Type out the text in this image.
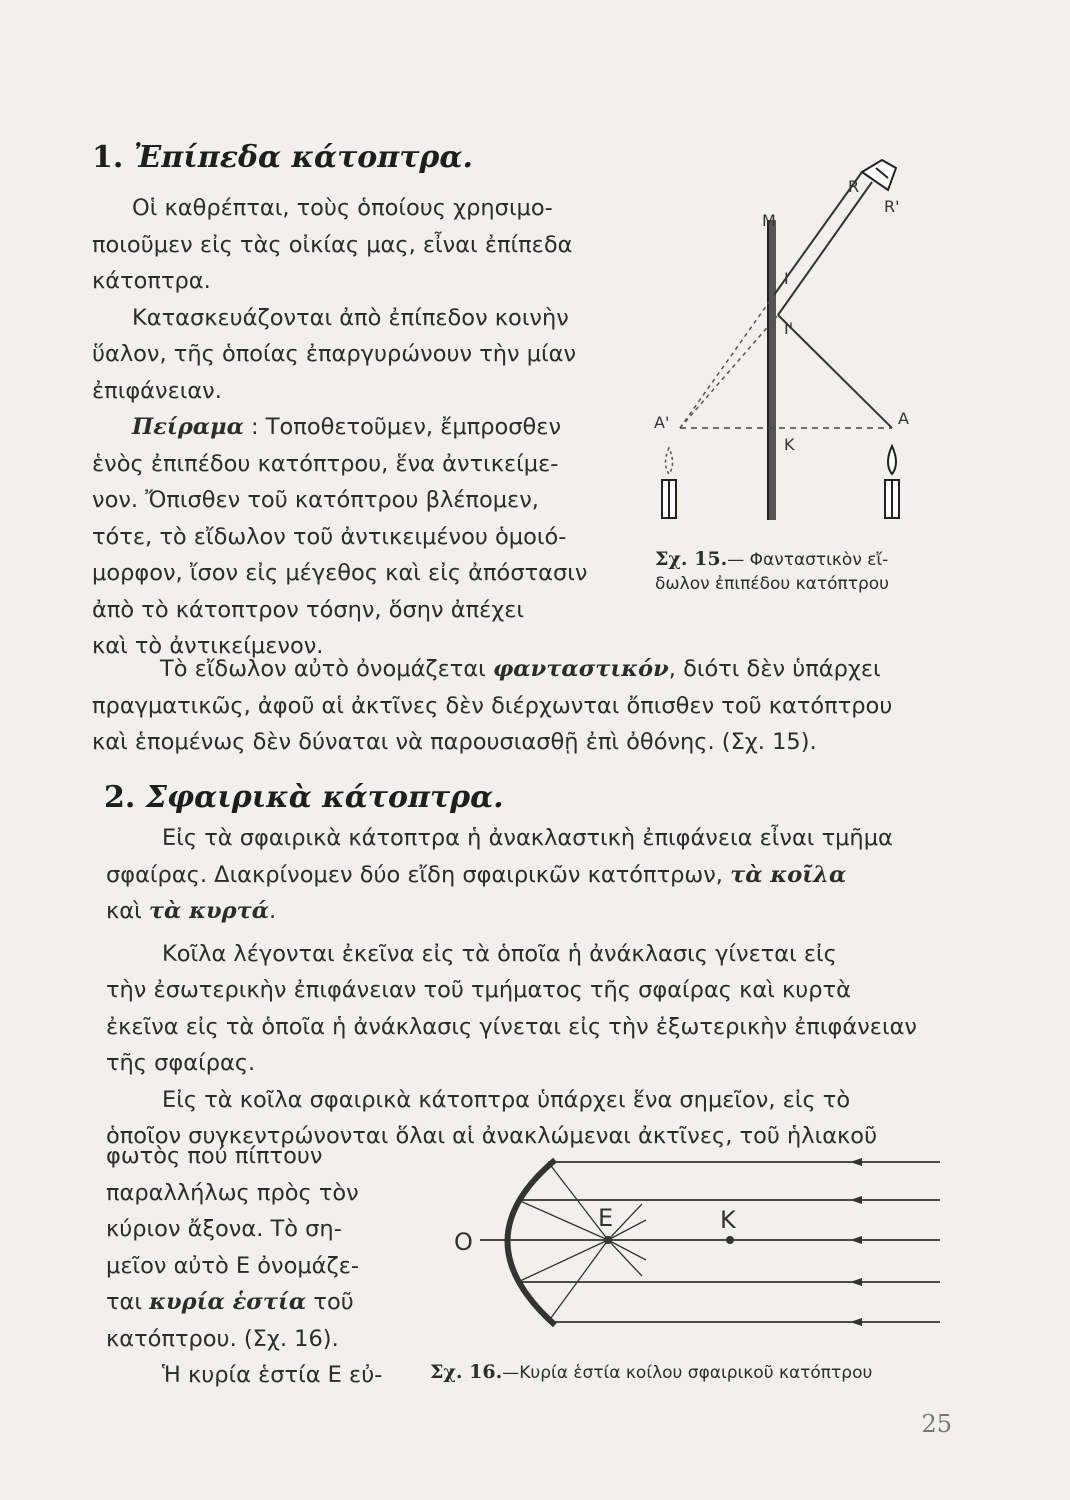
1. Ἐπίπεδα κάτοπτρα.
Οἱ καθρέπται, τοὺς ὁποίους χρησιμο-
ποιοῦμεν εἰς τὰς οἰκίας μας, εἶναι ἐπίπεδα
κάτοπτρα.
Κατασκευάζονται ἀπὸ ἐπίπεδον κοινὴν
ὕαλον, τῆς ὁποίας ἐπαργυρώνουν τὴν μίαν
ἐπιφάνειαν.
Πείραμα : Τοποθετοῦμεν, ἔμπροσθεν
ἑνὸς ἐπιπέδου κατόπτρου, ἕνα ἀντικείμε-
νον. Ὄπισθεν τοῦ κατόπτρου βλέπομεν,
τότε, τὸ εἴδωλον τοῦ ἀντικειμένου ὁμοιό-
μορφον, ἴσον εἰς μέγεθος καὶ εἰς ἀπόστασιν
ἀπὸ τὸ κάτοπτρον τόσην, ὅσην ἀπέχει
καὶ τὸ ἀντικείμενον.
Τὸ εἴδωλον αὐτὸ ὀνομάζεται φανταστικόν, διότι δὲν ὑπάρχει
πραγματικῶς, ἀφοῦ αἱ ἀκτῖνες δὲν διέρχωνται ὄπισθεν τοῦ κατόπτρου
καὶ ἑπομένως δὲν δύναται νὰ παρουσιασθῇ ἐπὶ ὀθόνης. (Σχ. 15).
R
R'
M
I
I'
A'	A
K
Σχ. 15.— Φανταστικὸν εἴ-
δωλον ἐπιπέδου κατόπτρου
2. Σφαιρικὰ κάτοπτρα.
Εἰς τὰ σφαιρικὰ κάτοπτρα ἡ ἀνακλαστικὴ ἐπιφάνεια εἶναι τμῆμα
σφαίρας. Διακρίνομεν δύο εἴδη σφαιρικῶν κατόπτρων, τὰ κοῖλα
καὶ τὰ κυρτά.
Κοῖλα λέγονται ἐκεῖνα εἰς τὰ ὁποῖα ἡ ἀνάκλασις γίνεται εἰς
τὴν ἐσωτερικὴν ἐπιφάνειαν τοῦ τμήματος τῆς σφαίρας καὶ κυρτὰ
ἐκεῖνα εἰς τὰ ὁποῖα ἡ ἀνάκλασις γίνεται εἰς τὴν ἐξωτερικὴν ἐπιφάνειαν
τῆς σφαίρας.
Εἰς τὰ κοῖλα σφαιρικὰ κάτοπτρα ὑπάρχει ἕνα σημεῖον, εἰς τὸ
ὁποῖον συγκεντρώνονται ὅλαι αἱ ἀνακλώμεναι ἀκτῖνες, τοῦ ἡλιακοῦ
φωτὸς πού πίπτουν
παραλλήλως πρὸς τὸν
κύριον ἄξονα. Τὸ ση-
μεῖον αὐτὸ Ε ὀνομάζε-
ται κυρία ἑστία τοῦ
κατόπτρου. (Σχ. 16).
Ἡ κυρία ἑστία Ε εὐ-
O
E	K
Σχ. 16.—Κυρία ἑστία κοίλου σφαιρικοῦ κατόπτρου
25
